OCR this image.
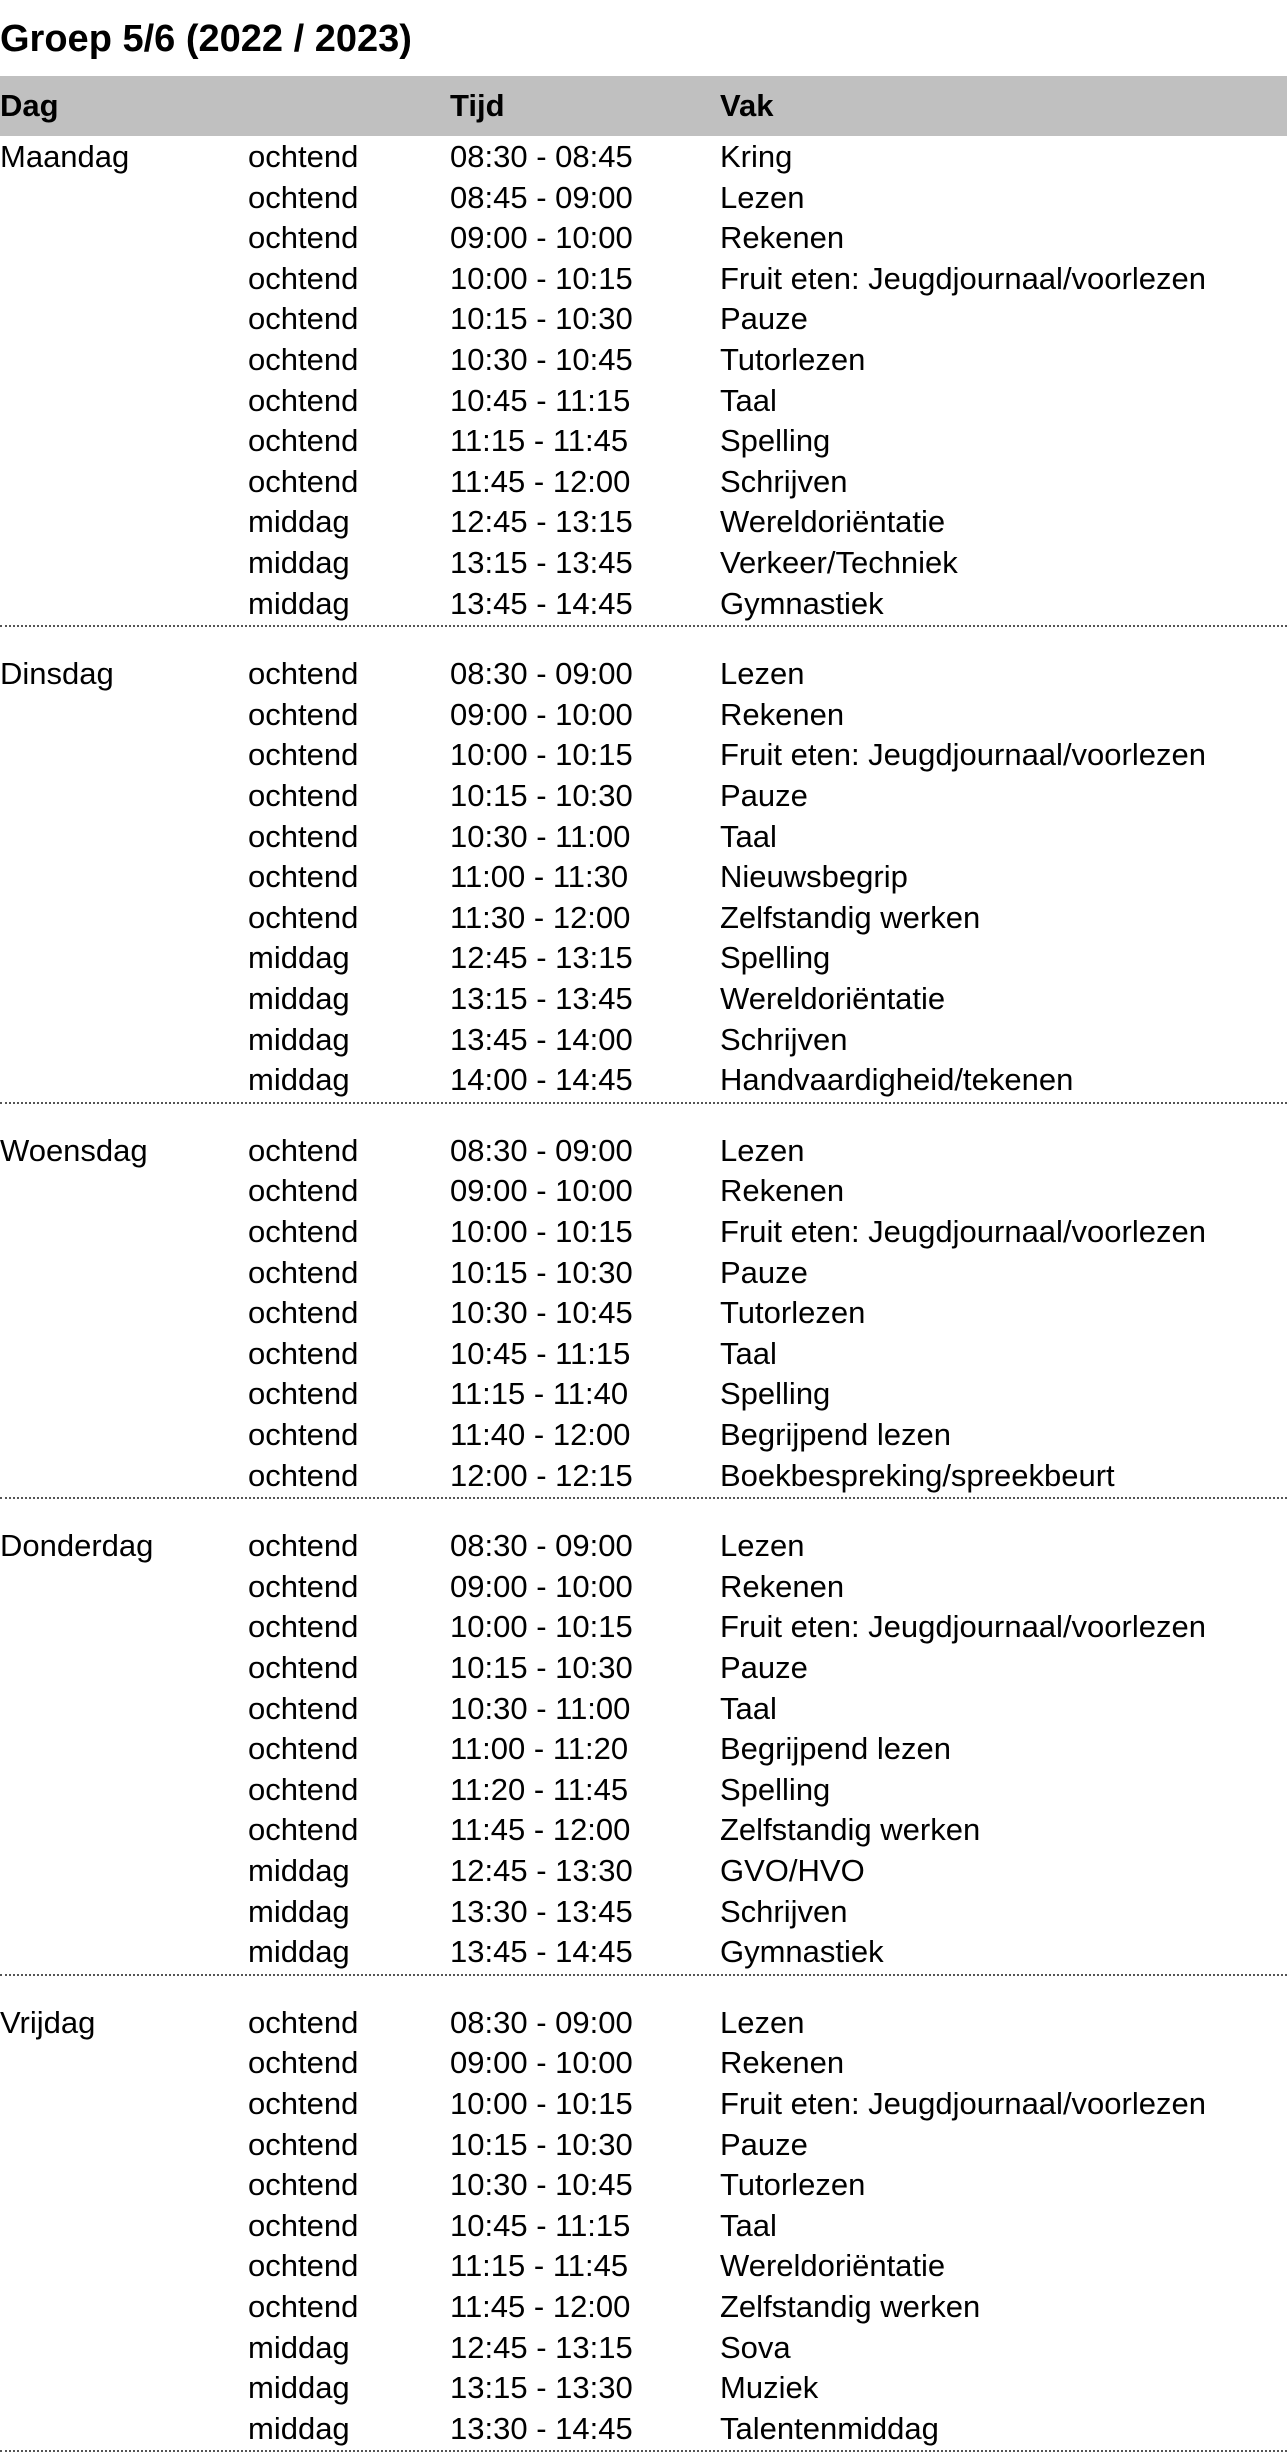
Groep 5/6 (2022 / 2023)
Dag	Tijd	Vak
Maandag	ochtend	08:30 - 08:45	Kring
ochtend	08:45 - 09:00	Lezen
ochtend	09:00 - 10:00	Rekenen
ochtend	10:00 - 10:15	Fruit eten: Jeugdjournaal/voorlezen
ochtend	10:15 - 10:30	Pauze
ochtend	10:30 - 10:45	Tutorlezen
ochtend	10:45 - 11:15	Taal
ochtend	11:15 - 11:45	Spelling
ochtend	11:45 - 12:00	Schrijven
middag	12:45 - 13:15	Wereldoriëntatie
middag	13:15 - 13:45	Verkeer/Techniek
middag	13:45 - 14:45	Gymnastiek
Dinsdag	ochtend	08:30 - 09:00	Lezen
ochtend	09:00 - 10:00	Rekenen
ochtend	10:00 - 10:15	Fruit eten: Jeugdjournaal/voorlezen
ochtend	10:15 - 10:30	Pauze
ochtend	10:30 - 11:00	Taal
ochtend	11:00 - 11:30	Nieuwsbegrip
ochtend	11:30 - 12:00	Zelfstandig werken
middag	12:45 - 13:15	Spelling
middag	13:15 - 13:45	Wereldoriëntatie
middag	13:45 - 14:00	Schrijven
middag	14:00 - 14:45	Handvaardigheid/tekenen
Woensdag	ochtend	08:30 - 09:00	Lezen
ochtend	09:00 - 10:00	Rekenen
ochtend	10:00 - 10:15	Fruit eten: Jeugdjournaal/voorlezen
ochtend	10:15 - 10:30	Pauze
ochtend	10:30 - 10:45	Tutorlezen
ochtend	10:45 - 11:15	Taal
ochtend	11:15 - 11:40	Spelling
ochtend	11:40 - 12:00	Begrijpend lezen
ochtend	12:00 - 12:15	Boekbespreking/spreekbeurt
Donderdag	ochtend	08:30 - 09:00	Lezen
ochtend	09:00 - 10:00	Rekenen
ochtend	10:00 - 10:15	Fruit eten: Jeugdjournaal/voorlezen
ochtend	10:15 - 10:30	Pauze
ochtend	10:30 - 11:00	Taal
ochtend	11:00 - 11:20	Begrijpend lezen
ochtend	11:20 - 11:45	Spelling
ochtend	11:45 - 12:00	Zelfstandig werken
middag	12:45 - 13:30	GVO/HVO
middag	13:30 - 13:45	Schrijven
middag	13:45 - 14:45	Gymnastiek
Vrijdag	ochtend	08:30 - 09:00	Lezen
ochtend	09:00 - 10:00	Rekenen
ochtend	10:00 - 10:15	Fruit eten: Jeugdjournaal/voorlezen
ochtend	10:15 - 10:30	Pauze
ochtend	10:30 - 10:45	Tutorlezen
ochtend	10:45 - 11:15	Taal
ochtend	11:15 - 11:45	Wereldoriëntatie
ochtend	11:45 - 12:00	Zelfstandig werken
middag	12:45 - 13:15	Sova
middag	13:15 - 13:30	Muziek
middag	13:30 - 14:45	Talentenmiddag
